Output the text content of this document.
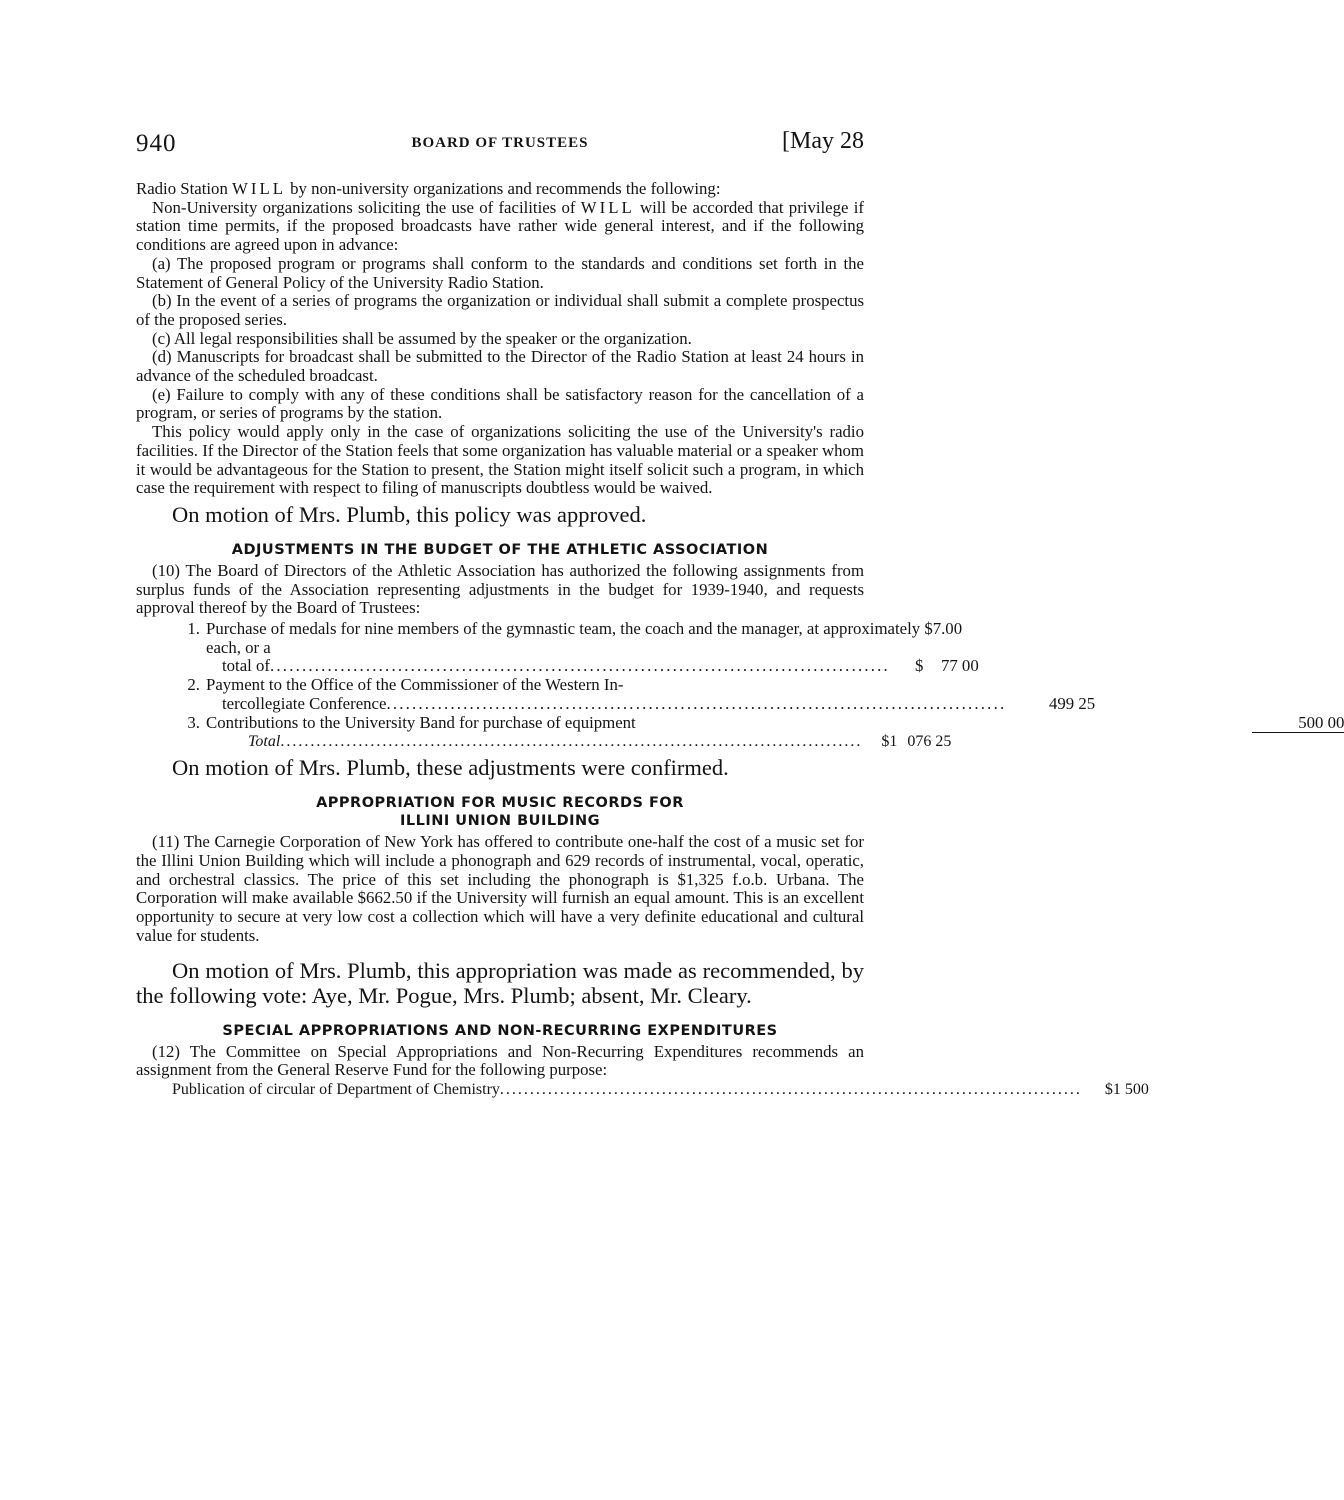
940	BOARD OF TRUSTEES	[May 28

Radio Station WILL by non-university organizations and recommends the following:

Non-University organizations soliciting the use of facilities of WILL will be accorded that privilege if station time permits, if the proposed broadcasts have rather wide general interest, and if the following conditions are agreed upon in advance:

(a) The proposed program or programs shall conform to the standards and conditions set forth in the Statement of General Policy of the University Radio Station.

(b) In the event of a series of programs the organization or individual shall submit a complete prospectus of the proposed series.

(c) All legal responsibilities shall be assumed by the speaker or the organization.

(d) Manuscripts for broadcast shall be submitted to the Director of the Radio Station at least 24 hours in advance of the scheduled broadcast.

(e) Failure to comply with any of these conditions shall be satisfactory reason for the cancellation of a program, or series of programs by the station.

This policy would apply only in the case of organizations soliciting the use of the University's radio facilities. If the Director of the Station feels that some organization has valuable material or a speaker whom it would be advantageous for the Station to present, the Station might itself solicit such a program, in which case the requirement with respect to filing of manuscripts doubtless would be waived.

On motion of Mrs. Plumb, this policy was approved.

ADJUSTMENTS IN THE BUDGET OF THE ATHLETIC ASSOCIATION

(10) The Board of Directors of the Athletic Association has authorized the following assignments from surplus funds of the Association representing adjustments in the budget for 1939-1940, and requests approval thereof by the Board of Trustees:

1. Purchase of medals for nine members of the gymnastic team, the coach and the manager, at approximately $7.00 each, or a
total of . . .	$ 77 00
2. Payment to the Office of the Commissioner of the Western In-
tercollegiate Conference . . .	499 25
3. Contributions to the University Band for purchase of equipment	500 00
Total . . .	$1 076 25

On motion of Mrs. Plumb, these adjustments were confirmed.

APPROPRIATION FOR MUSIC RECORDS FOR
ILLINI UNION BUILDING

(11) The Carnegie Corporation of New York has offered to contribute one-half the cost of a music set for the Illini Union Building which will include a phonograph and 629 records of instrumental, vocal, operatic, and orchestral classics. The price of this set including the phonograph is $1,325 f.o.b. Urbana. The Corporation will make available $662.50 if the University will furnish an equal amount. This is an excellent opportunity to secure at very low cost a collection which will have a very definite educational and cultural value for students.

On motion of Mrs. Plumb, this appropriation was made as recommended, by the following vote: Aye, Mr. Pogue, Mrs. Plumb; absent, Mr. Cleary.

SPECIAL APPROPRIATIONS AND NON-RECURRING EXPENDITURES

(12) The Committee on Special Appropriations and Non-Recurring Expenditures recommends an assignment from the General Reserve Fund for the following purpose:

Publication of circular of Department of Chemistry . . .	$1 500
